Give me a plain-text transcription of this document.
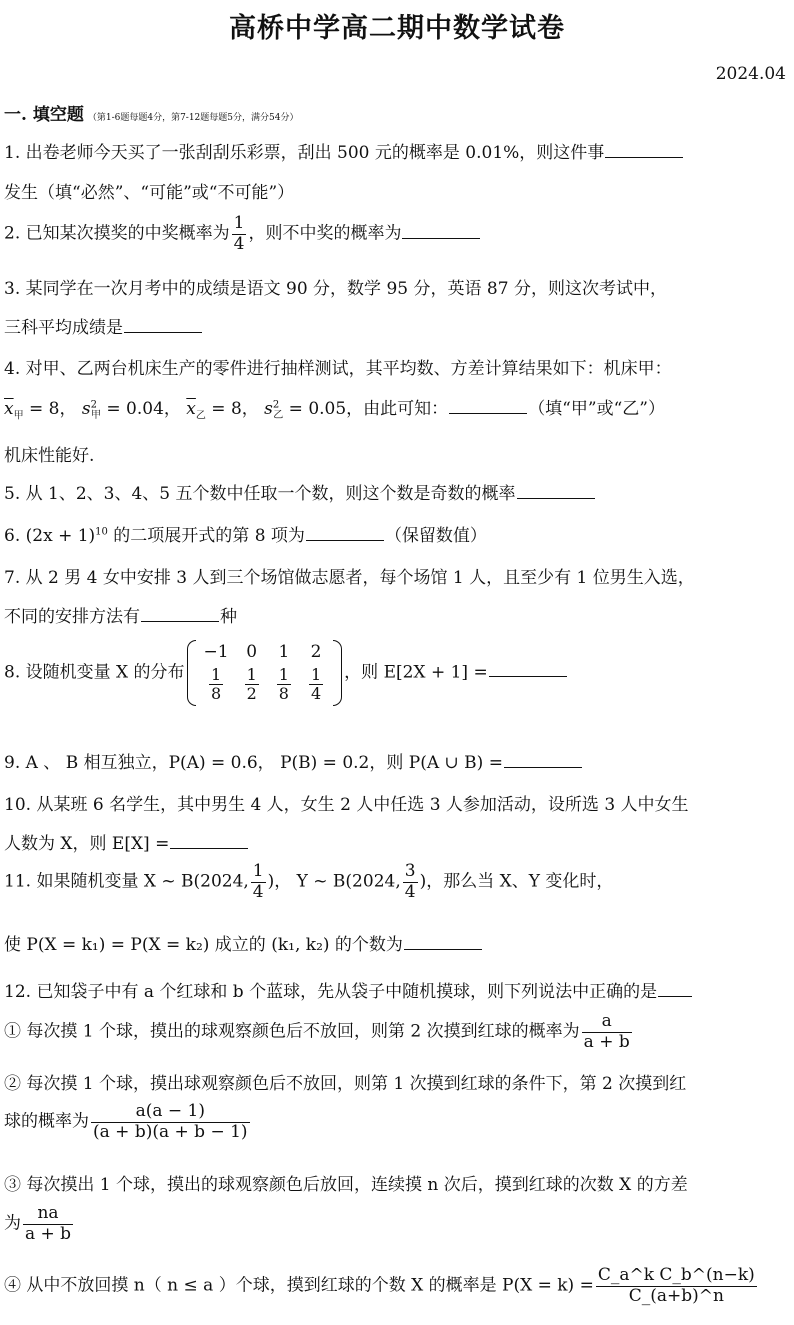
高桥中学高二期中数学试卷
2024.04
一. 填空题 （第1-6题每题4分，第7-12题每题5分，满分54分）
1. 出卷老师今天买了一张刮刮乐彩票，刮出 500 元的概率是 0.01%，则这件事
发生（填“必然”、“可能”或“不可能”）
2. 已知某次摸奖的中奖概率为 $\frac{1}{4}$ ，则不中奖的概率为
3. 某同学在一次月考中的成绩是语文 90 分，数学 95 分，英语 87 分，则这次考试中，
三科平均成绩是
4. 对甲、乙两台机床生产的零件进行抽样测试，其平均数、方差计算结果如下：机床甲：
$\overline{x}_甲 = 8$， $s^2_甲 = 0.04$， $\overline{x}_乙 = 8$， $s^2_乙 = 0.05$，由此可知：	（填“甲”或“乙”）
机床性能好.
5. 从 1、2、3、4、5 五个数中任取一个数，则这个数是奇数的概率
6. $(2x + 1)^{10}$ 的二项展开式的第 8 项为	（保留数值）
7. 从 2 男 4 女中安排 3 人到三个场馆做志愿者，每个场馆 1 人，且至少有 1 位男生入选，
不同的安排方法有	种
8. 设随机变量 X 的分布
−1	0	1	2

$\frac{1}{8}$	$\frac{1}{2}$	$\frac{1}{8}$	$\frac{1}{4}$ ，则 E[2X + 1] =
9. A 、 B 相互独立，P(A) = 0.6， P(B) = 0.2，则 P(A ∪ B) =
10. 从某班 6 名学生，其中男生 4 人，女生 2 人中任选 3 人参加活动，设所选 3 人中女生
人数为 X，则 E[X] =
11. 如果随机变量 X ~ B(2024, $\frac{1}{4}$ )， Y ~ B(2024, $\frac{3}{4}$ )，那么当 X、Y 变化时，
使 P(X = k₁) = P(X = k₂) 成立的 (k₁, k₂) 的个数为
12. 已知袋子中有 a 个红球和 b 个蓝球，先从袋子中随机摸球，则下列说法中正确的是
① 每次摸 1 个球，摸出的球观察颜色后不放回，则第 2 次摸到红球的概率为 $\frac{a}{a + b}$
② 每次摸 1 个球，摸出球观察颜色后不放回，则第 1 次摸到红球的条件下，第 2 次摸到红
球的概率为 $\frac{a(a - 1)}{(a + b)(a + b - 1)}$
③ 每次摸出 1 个球，摸出的球观察颜色后放回，连续摸 n 次后，摸到红球的次数 X 的方差
为 $\frac{na}{a + b}$
④ 从中不放回摸 n（ n ≤ a ）个球，摸到红球的个数 X 的概率是 $P(X = k) = \frac{\text{C\_a\textasciicircum{}k C\_b\textasciicircum{}(n−k)}}{C\_(a+b)\^{}n}$
